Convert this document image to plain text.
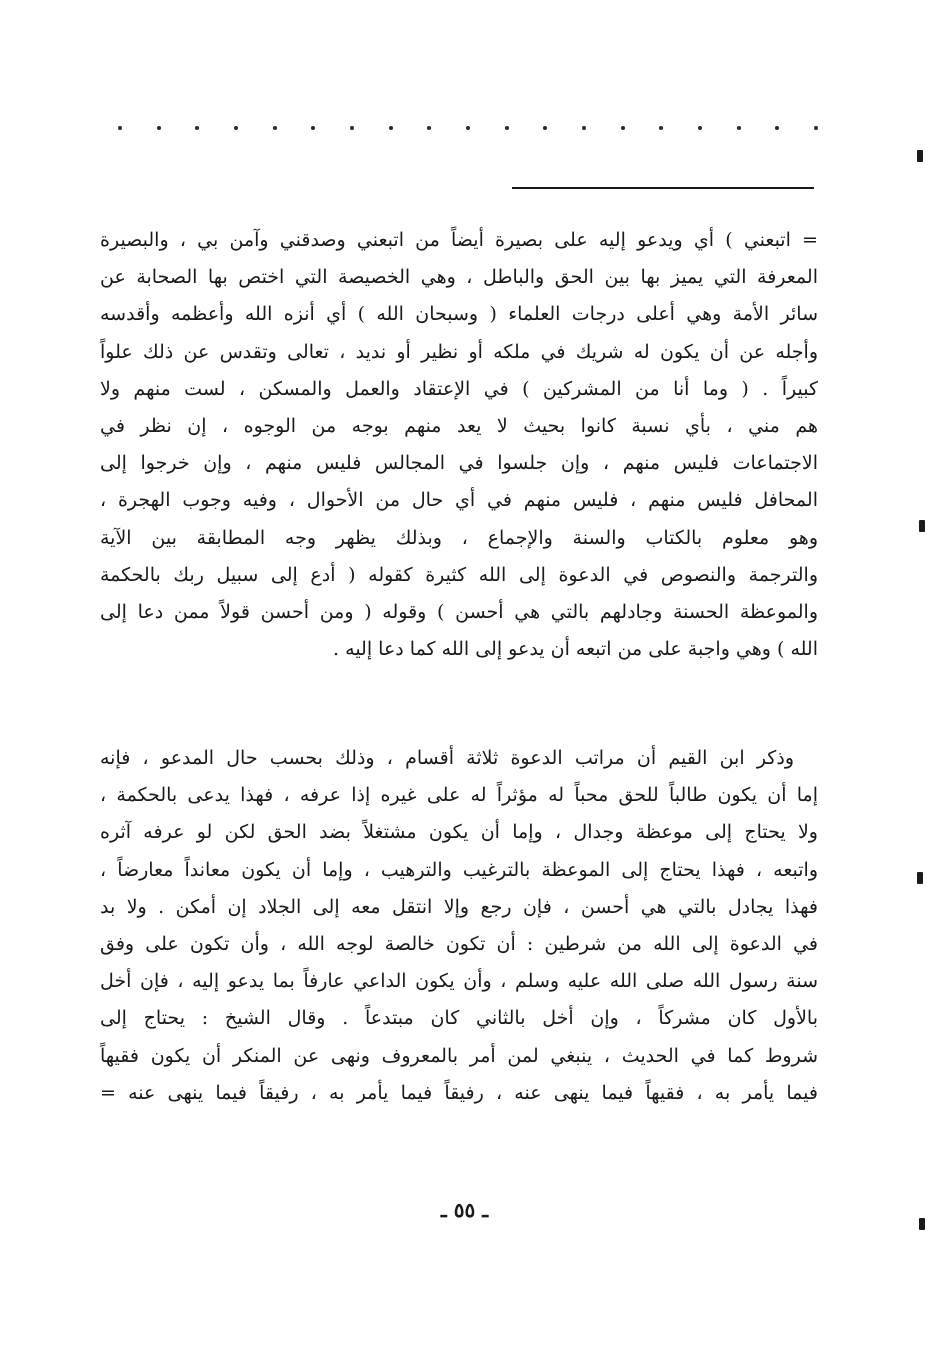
= اتبعني ) أي ويدعو إليه على بصيرة أيضاً من اتبعني وصدقني وآمن بي ، والبصيرة
المعرفة التي يميز بها بين الحق والباطل ، وهي الخصيصة التي اختص بها الصحابة عن
سائر الأمة وهي أعلى درجات العلماء ( وسبحان الله ) أي أنزه الله وأعظمه وأقدسه
وأجله عن أن يكون له شريك في ملكه أو نظير أو نديد ، تعالى وتقدس عن ذلك علواً
كبيراً . ( وما أنا من المشركين ) في الإعتقاد والعمل والمسكن ، لست منهم ولا
هم مني ، بأي نسبة كانوا بحيث لا يعد منهم بوجه من الوجوه ، إن نظر في
الاجتماعات فليس منهم ، وإن جلسوا في المجالس فليس منهم ، وإن خرجوا إلى
المحافل فليس منهم ، فليس منهم في أي حال من الأحوال ، وفيه وجوب الهجرة ،
وهو معلوم بالكتاب والسنة والإجماع ، وبذلك يظهر وجه المطابقة بين الآية
والترجمة والنصوص في الدعوة إلى الله كثيرة كقوله ( أدع إلى سبيل ربك بالحكمة
والموعظة الحسنة وجادلهم بالتي هي أحسن ) وقوله ( ومن أحسن قولاً ممن دعا إلى
الله ) وهي واجبة على من اتبعه أن يدعو إلى الله كما دعا إليه .
وذكر ابن القيم أن مراتب الدعوة ثلاثة أقسام ، وذلك بحسب حال المدعو ، فإنه
إما أن يكون طالباً للحق محباً له مؤثراً له على غيره إذا عرفه ، فهذا يدعى بالحكمة ،
ولا يحتاج إلى موعظة وجدال ، وإما أن يكون مشتغلاً بضد الحق لكن لو عرفه آثره
واتبعه ، فهذا يحتاج إلى الموعظة بالترغيب والترهيب ، وإما أن يكون معانداً معارضاً ،
فهذا يجادل بالتي هي أحسن ، فإن رجع وإلا انتقل معه إلى الجلاد إن أمكن . ولا بد
في الدعوة إلى الله من شرطين : أن تكون خالصة لوجه الله ، وأن تكون على وفق
سنة رسول الله صلى الله عليه وسلم ، وأن يكون الداعي عارفاً بما يدعو إليه ، فإن أخل
بالأول كان مشركاً ، وإن أخل بالثاني كان مبتدعاً . وقال الشيخ : يحتاج إلى
شروط كما في الحديث ، ينبغي لمن أمر بالمعروف ونهى عن المنكر أن يكون فقيهاً
فيما يأمر به ، فقيهاً فيما ينهى عنه ، رفيقاً فيما يأمر به ، رفيقاً فيما ينهى عنه =
ـ ٥٥ ـ
